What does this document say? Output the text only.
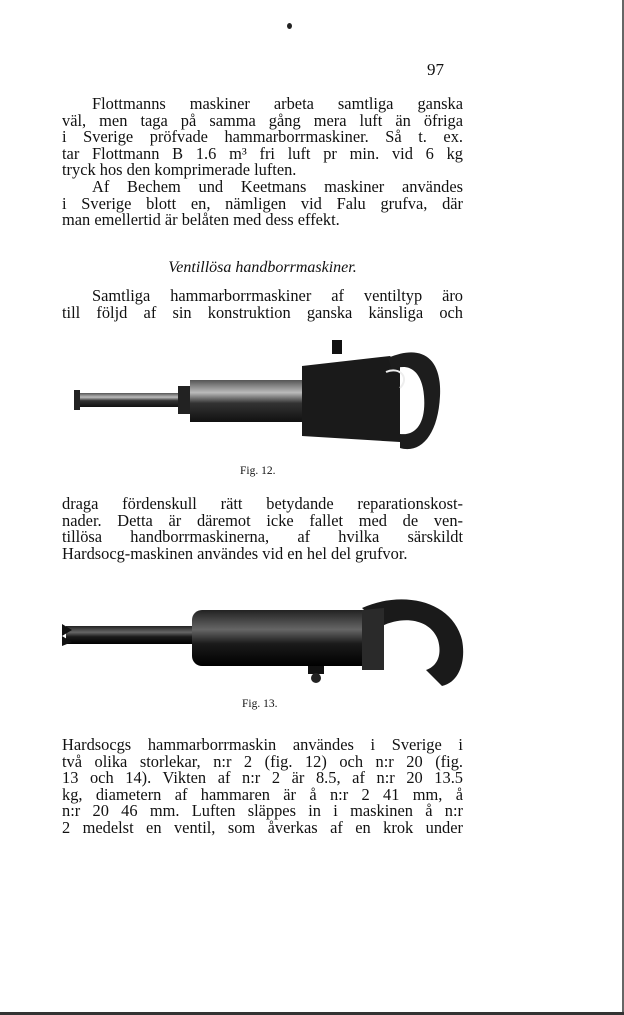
97
Flottmanns maskiner arbeta samtliga ganska
väl, men taga på samma gång mera luft än öfriga
i Sverige pröfvade hammarborrmaskiner. Så t. ex.
tar Flottmann B 1.6 m³ fri luft pr min. vid 6 kg
tryck hos den komprimerade luften.
Af Bechem und Keetmans maskiner användes
i Sverige blott en, nämligen vid Falu grufva, där
man emellertid är belåten med dess effekt.
Ventillösa handborrmaskiner.
Samtliga hammarborrmaskiner af ventiltyp äro
till följd af sin konstruktion ganska känsliga och
Fig. 12.
draga fördenskull rätt betydande reparationskost-
nader. Detta är däremot icke fallet med de ven-
tillösa handborrmaskinerna, af hvilka särskildt
Hardsocg-maskinen användes vid en hel del grufvor.
Fig. 13.
Hardsocgs hammarborrmaskin användes i Sverige i
två olika storlekar, n:r 2 (fig. 12) och n:r 20 (fig.
13 och 14). Vikten af n:r 2 är 8.5, af n:r 20 13.5
kg, diametern af hammaren är å n:r 2 41 mm, å
n:r 20 46 mm. Luften släppes in i maskinen å n:r
2 medelst en ventil, som åverkas af en krok under
